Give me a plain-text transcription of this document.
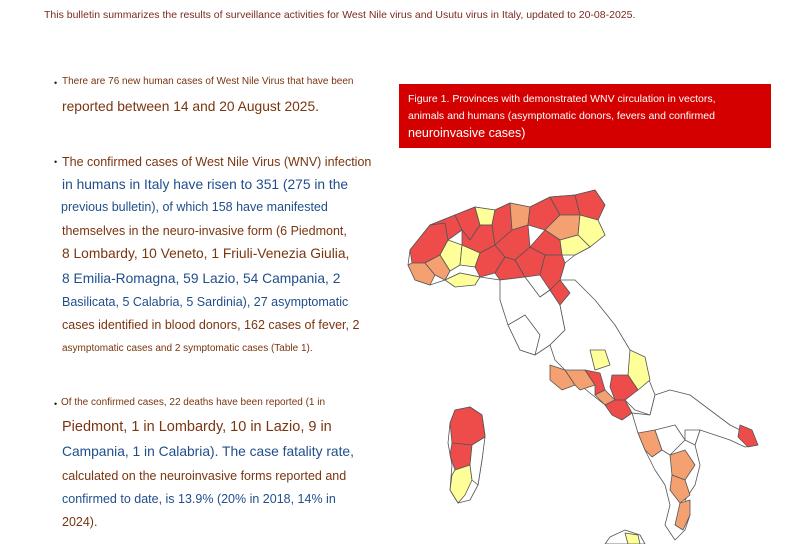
This bulletin summarizes the results of surveillance activities for West Nile virus and Usutu virus in Italy, updated to 20-08-2025.
• There are 76 new human cases of West Nile Virus that have been
reported between 14 and 20 August 2025.
• The confirmed cases of West Nile Virus (WNV) infection
in humans in Italy have risen to 351 (275 in the
previous bulletin), of which 158 have manifested
themselves in the neuro-invasive form (6 Piedmont,
8 Lombardy, 10 Veneto, 1 Friuli-Venezia Giulia,
8 Emilia-Romagna, 59 Lazio, 54 Campania, 2
Basilicata, 5 Calabria, 5 Sardinia), 27 asymptomatic
cases identified in blood donors, 162 cases of fever, 2
asymptomatic cases and 2 symptomatic cases (Table 1).
• Of the confirmed cases, 22 deaths have been reported (1 in
Piedmont, 1 in Lombardy, 10 in Lazio, 9 in
Campania, 1 in Calabria). The case fatality rate,
calculated on the neuroinvasive forms reported and
confirmed to date, is 13.9% (20% in 2018, 14% in
2024).
Figure 1. Provinces with demonstrated WNV circulation in vectors,
animals and humans (asymptomatic donors, fevers and confirmed
neuroinvasive cases)
